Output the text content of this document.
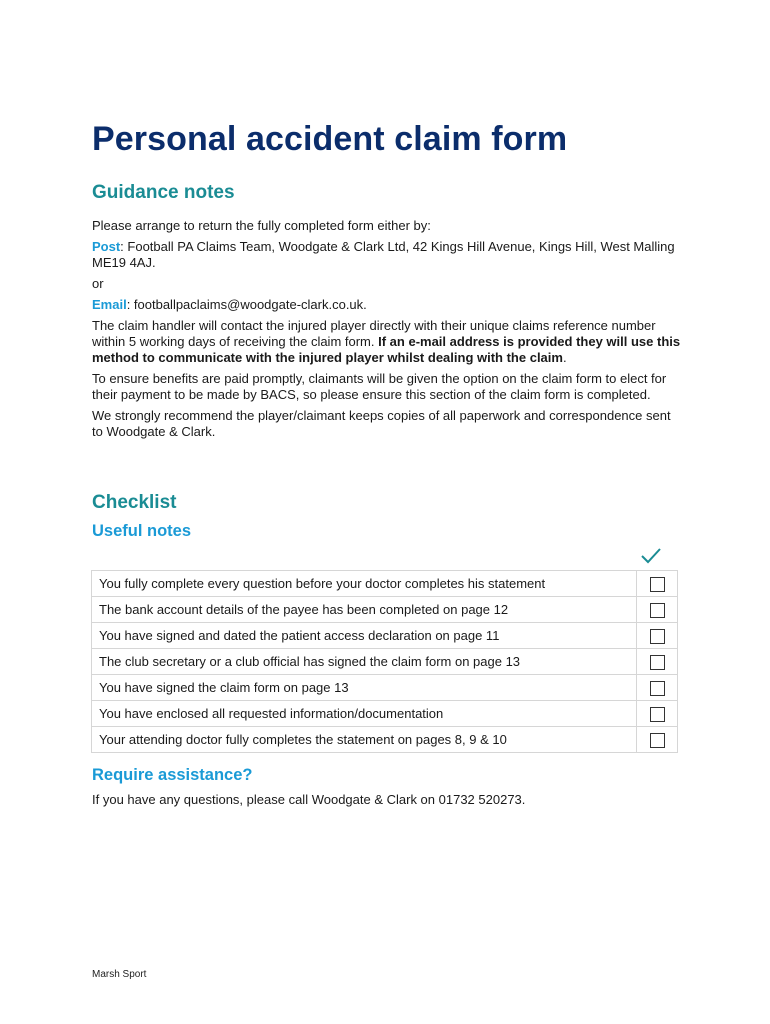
Personal accident claim form
Guidance notes

Please arrange to return the fully completed form either by:

Post: Football PA Claims Team, Woodgate & Clark Ltd, 42 Kings Hill Avenue, Kings Hill, West Malling ME19 4AJ.

or

Email: footballpaclaims@woodgate-clark.co.uk.

The claim handler will contact the injured player directly with their unique claims reference number within 5 working days of receiving the claim form. If an e-mail address is provided they will use this method to communicate with the injured player whilst dealing with the claim.

To ensure benefits are paid promptly, claimants will be given the option on the claim form to elect for their payment to be made by BACS, so please ensure this section of the claim form is completed.

We strongly recommend the player/claimant keeps copies of all paperwork and correspondence sent to Woodgate & Clark.

Checklist
Useful notes
You fully complete every question before your doctor completes his statement	
The bank account details of the payee has been completed on page 12	
You have signed and dated the patient access declaration on page 11	
The club secretary or a club official has signed the claim form on page 13	
You have signed the claim form on page 13	
You have enclosed all requested information/documentation	
Your attending doctor fully completes the statement on pages 8, 9 & 10	
Require assistance?

If you have any questions, please call Woodgate & Clark on 01732 520273.

Marsh Sport
